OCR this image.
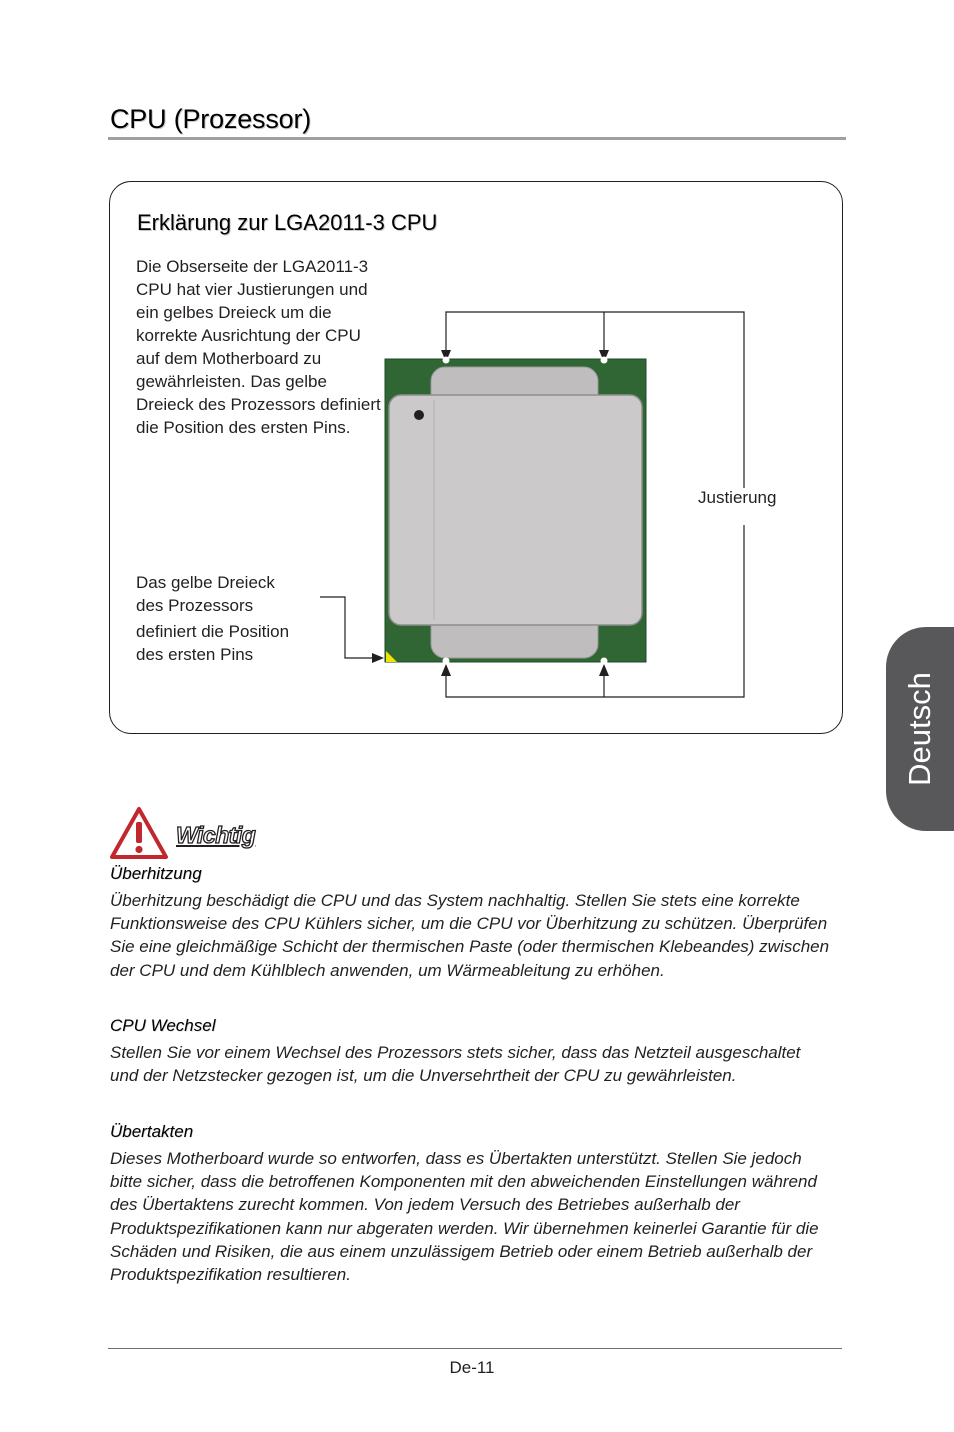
CPU (Prozessor)
Deutsch
Erklärung zur LGA2011-3 CPU

Die Obserseite der LGA2011-3 CPU hat vier Justierungen und ein gelbes Dreieck um die korrekte Ausrichtung der CPU auf dem Motherboard zu gewährleisten. Das gelbe Dreieck des Prozessors definiert die Position des ersten Pins.

Das gelbe Dreieck
des Prozessors

definiert die Position
des ersten Pins

Justierung
Wichtig
Überhitzung

Überhitzung beschädigt die CPU und das System nachhaltig. Stellen Sie stets eine korrekte Funktionsweise des CPU Kühlers sicher, um die CPU vor Überhitzung zu schützen. Überprüfen Sie eine gleichmäßige Schicht der thermischen Paste (oder thermischen Klebeandes) zwischen der CPU und dem Kühlblech anwenden, um Wärmeableitung zu erhöhen.

CPU Wechsel

Stellen Sie vor einem Wechsel des Prozessors stets sicher, dass das Netzteil ausgeschaltet und der Netzstecker gezogen ist, um die Unversehrtheit der CPU zu gewährleisten.

Übertakten

Dieses Motherboard wurde so entworfen, dass es Übertakten unterstützt. Stellen Sie jedoch bitte sicher, dass die betroffenen Komponenten mit den abweichenden Einstellungen während des Übertaktens zurecht kommen. Von jedem Versuch des Betriebes außerhalb der Produktspezifikationen kann nur abgeraten werden. Wir übernehmen keinerlei Garantie für die Schäden und Risiken, die aus einem unzulässigem Betrieb oder einem Betrieb außerhalb der Produktspezifikation resultieren.

De-11
